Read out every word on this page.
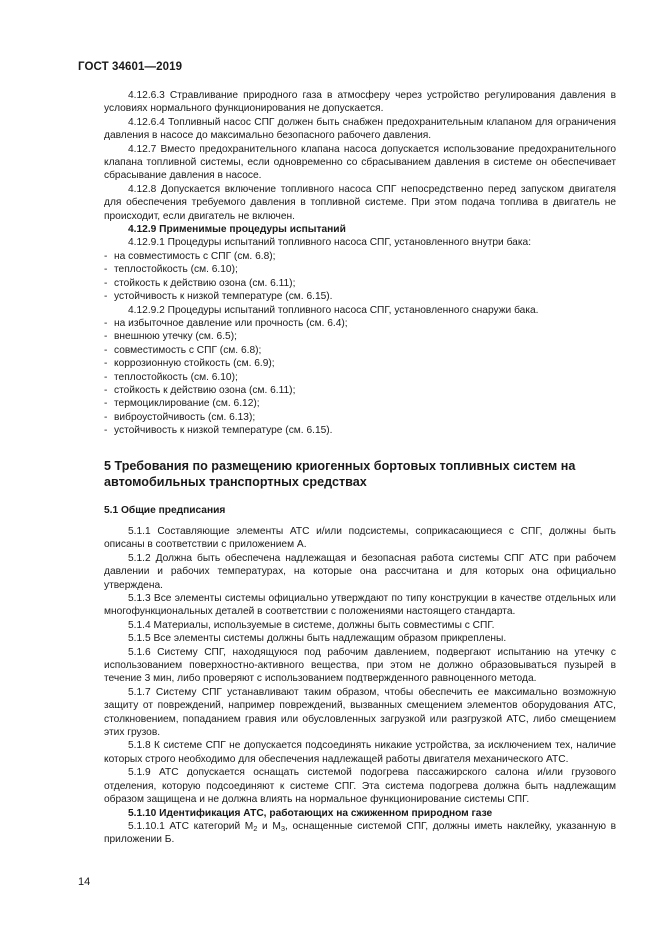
ГОСТ 34601—2019

4.12.6.3 Стравливание природного газа в атмосферу через устройство регулирования давления в условиях нормального функционирования не допускается.

4.12.6.4 Топливный насос СПГ должен быть снабжен предохранительным клапаном для ограничения давления в насосе до максимально безопасного рабочего давления.

4.12.7 Вместо предохранительного клапана насоса допускается использование предохранительного клапана топливной системы, если одновременно со сбрасыванием давления в системе он обеспечивает сбрасывание давления в насосе.

4.12.8 Допускается включение топливного насоса СПГ непосредственно перед запуском двигателя для обеспечения требуемого давления в топливной системе. При этом подача топлива в двигатель не происходит, если двигатель не включен.

4.12.9 Применимые процедуры испытаний

4.12.9.1 Процедуры испытаний топливного насоса СПГ, установленного внутри бака:

- на совместимость с СПГ (см. 6.8);
- теплостойкость (см. 6.10);
- стойкость к действию озона (см. 6.11);
- устойчивость к низкой температуре (см. 6.15).

4.12.9.2 Процедуры испытаний топливного насоса СПГ, установленного снаружи бака.

- на избыточное давление или прочность (см. 6.4);
- внешнюю утечку (см. 6.5);
- совместимость с СПГ (см. 6.8);
- коррозионную стойкость (см. 6.9);
- теплостойкость (см. 6.10);
- стойкость к действию озона (см. 6.11);
- термоциклирование (см. 6.12);
- виброустойчивость (см. 6.13);
- устойчивость к низкой температуре (см. 6.15).
5 Требования по размещению криогенных бортовых топливных систем на автомобильных транспортных средствах
5.1 Общие предписания

5.1.1 Составляющие элементы АТС и/или подсистемы, соприкасающиеся с СПГ, должны быть описаны в соответствии с приложением А.

5.1.2 Должна быть обеспечена надлежащая и безопасная работа системы СПГ АТС при рабочем давлении и рабочих температурах, на которые она рассчитана и для которых она официально утверждена.

5.1.3 Все элементы системы официально утверждают по типу конструкции в качестве отдельных или многофункциональных деталей в соответствии с положениями настоящего стандарта.

5.1.4 Материалы, используемые в системе, должны быть совместимы с СПГ.

5.1.5 Все элементы системы должны быть надлежащим образом прикреплены.

5.1.6 Систему СПГ, находящуюся под рабочим давлением, подвергают испытанию на утечку с использованием поверхностно-активного вещества, при этом не должно образовываться пузырей в течение 3 мин, либо проверяют с использованием подтвержденного равноценного метода.

5.1.7 Систему СПГ устанавливают таким образом, чтобы обеспечить ее максимально возможную защиту от повреждений, например повреждений, вызванных смещением элементов оборудования АТС, столкновением, попаданием гравия или обусловленных загрузкой или разгрузкой АТС, либо смещением этих грузов.

5.1.8 К системе СПГ не допускается подсоединять никакие устройства, за исключением тех, наличие которых строго необходимо для обеспечения надлежащей работы двигателя механического АТС.

5.1.9 АТС допускается оснащать системой подогрева пассажирского салона и/или грузового отделения, которую подсоединяют к системе СПГ. Эта система подогрева должна быть надлежащим образом защищена и не должна влиять на нормальное функционирование системы СПГ.

5.1.10 Идентификация АТС, работающих на сжиженном природном газе

5.1.10.1 АТС категорий $М_2$ и $М_3$, оснащенные системой СПГ, должны иметь наклейку, указанную в приложении Б.

14
